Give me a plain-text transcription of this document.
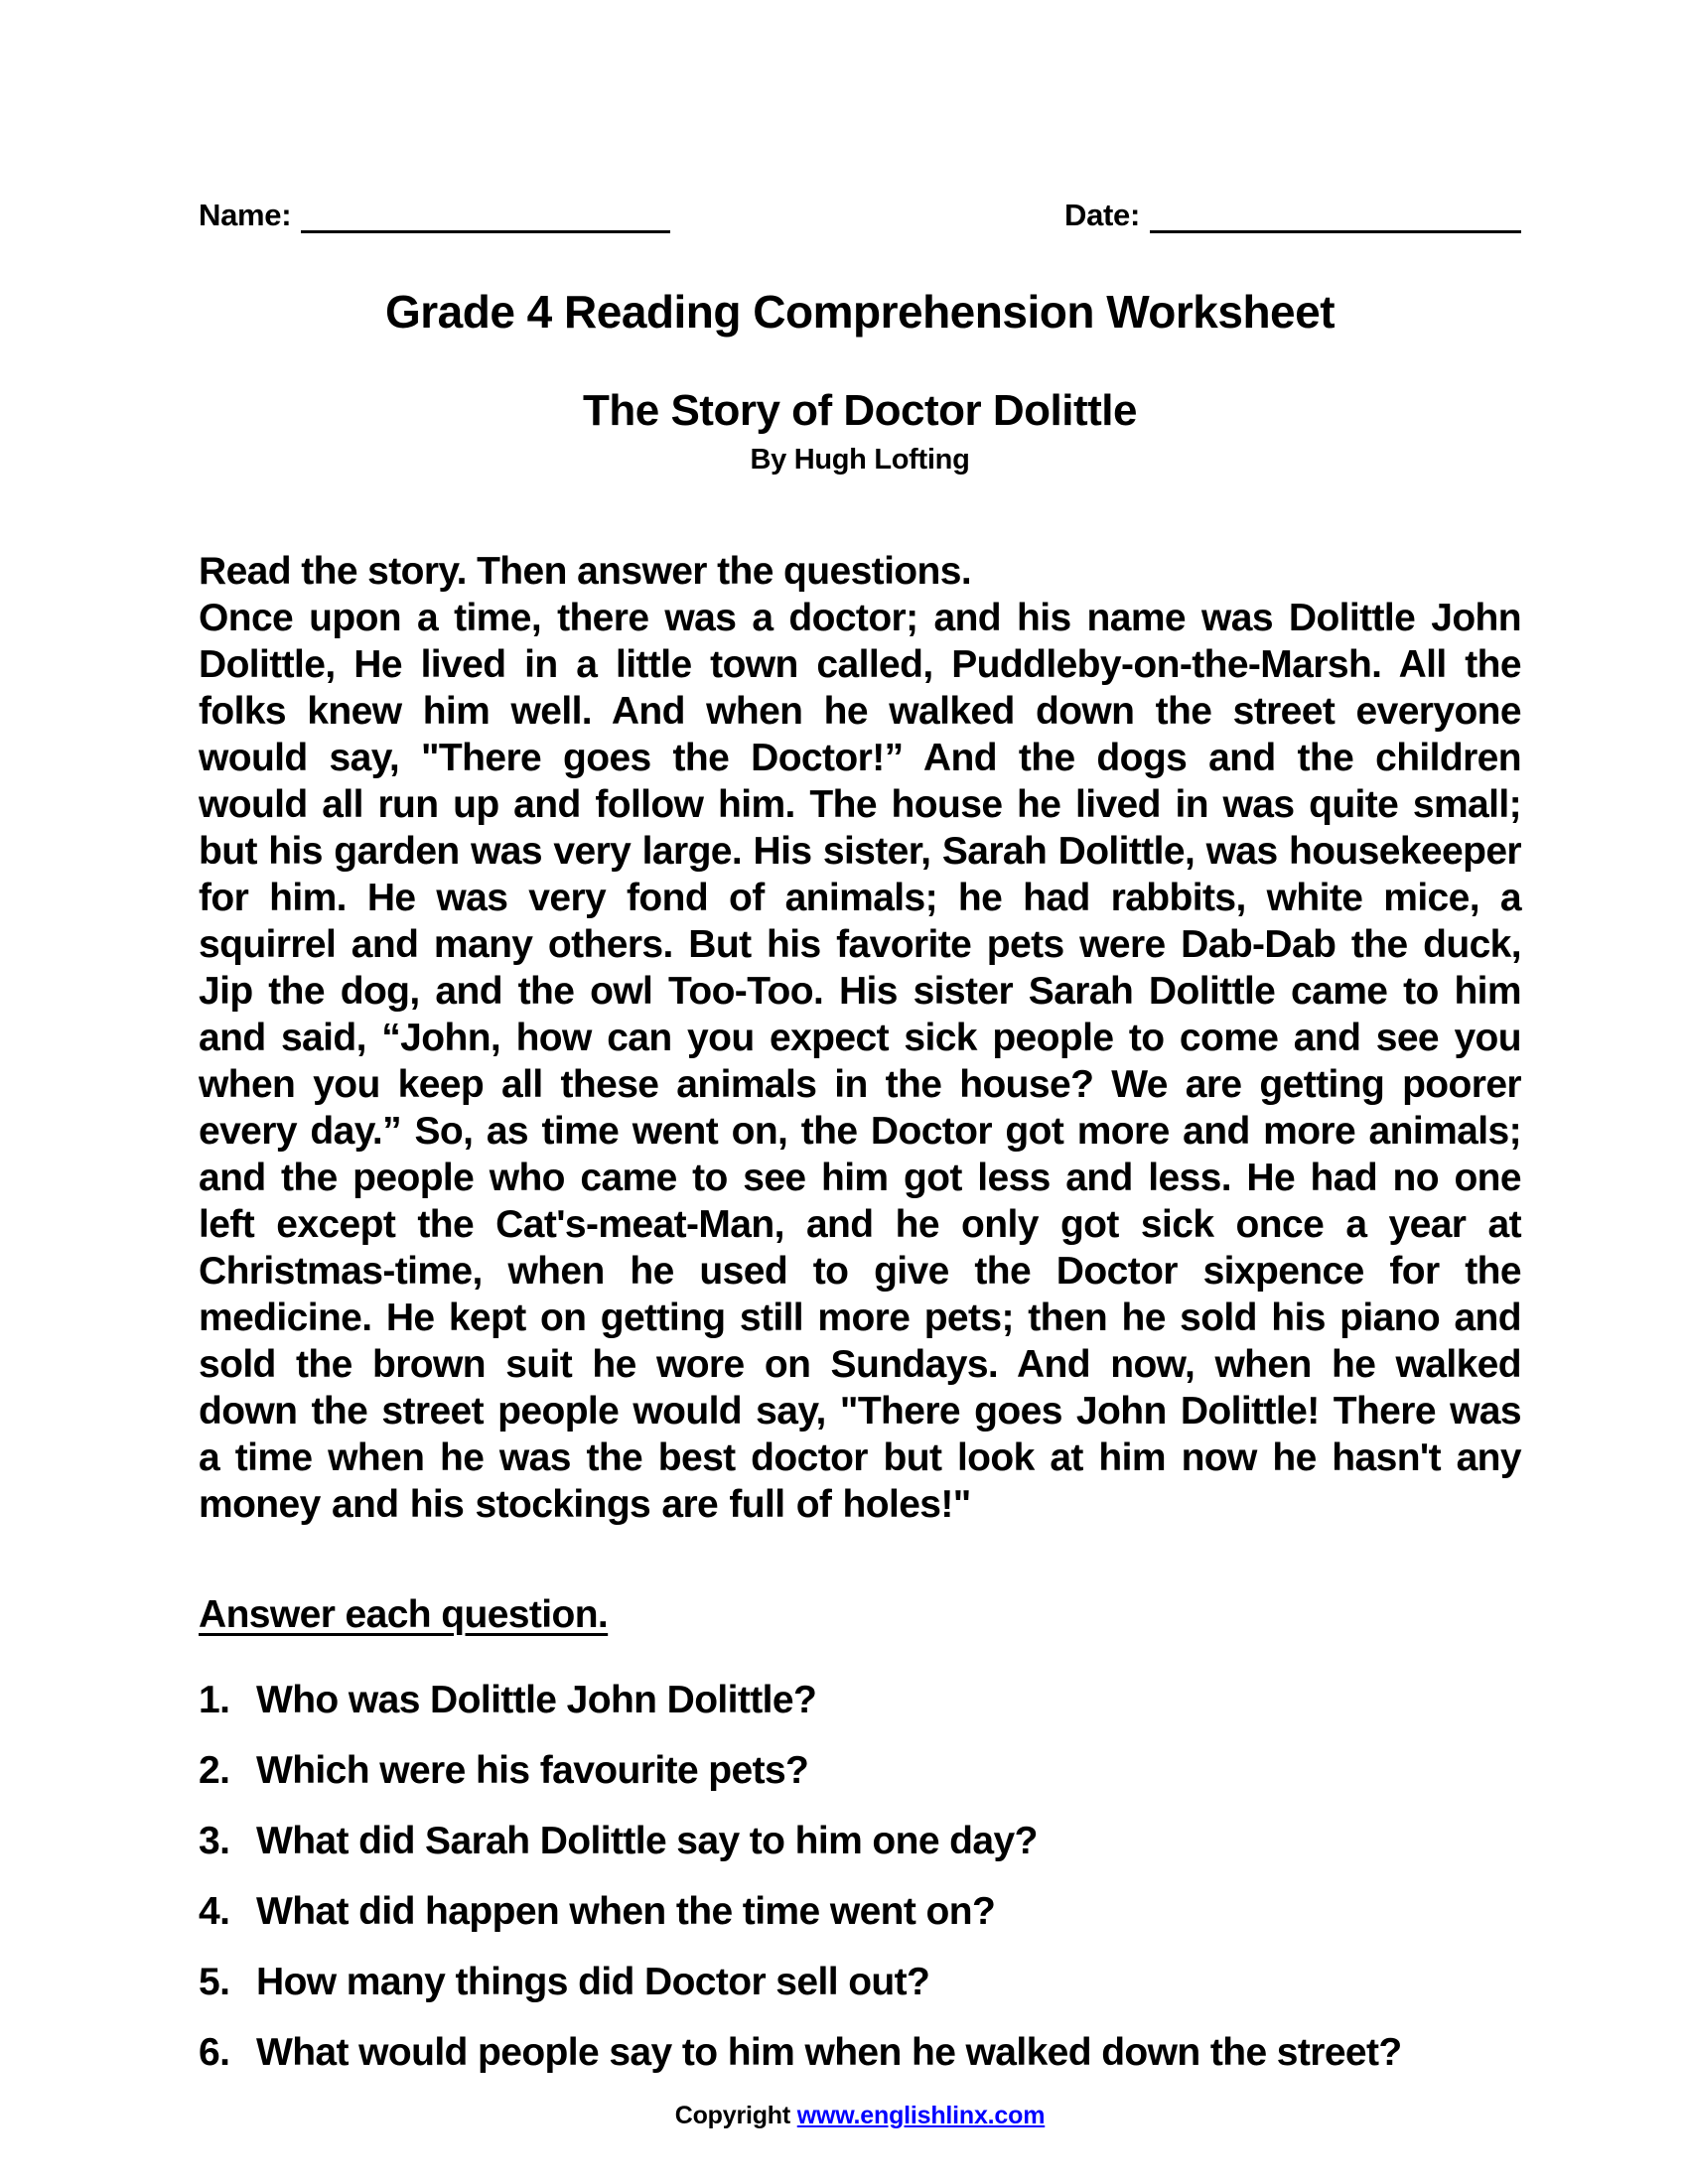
Name:	Date:
Grade 4 Reading Comprehension Worksheet
The Story of Doctor Dolittle
By Hugh Lofting
Read the story. Then answer the questions.
Once upon a time, there was a doctor; and his name was Dolittle John Dolittle, He lived in a little town called, Puddleby-on-the-Marsh. All the folks knew him well. And when he walked down the street everyone would say, "There goes the Doctor!” And the dogs and the children would all run up and follow him. The house he lived in was quite small; but his garden was very large. His sister, Sarah Dolittle, was housekeeper for him. He was very fond of animals; he had rabbits, white mice, a squirrel and many others. But his favorite pets were Dab-Dab the duck, Jip the dog, and the owl Too-Too. His sister Sarah Dolittle came to him and said, “John, how can you expect sick people to come and see you when you keep all these animals in the house? We are getting poorer every day.” So, as time went on, the Doctor got more and more animals; and the people who came to see him got less and less. He had no one left except the Cat's-meat-Man, and he only got sick once a year at Christmas-time, when he used to give the Doctor sixpence for the medicine. He kept on getting still more pets; then he sold his piano and sold the brown suit he wore on Sundays. And now, when he walked down the street people would say, "There goes John Dolittle! There was a time when he was the best doctor but look at him now he hasn't any money and his stockings are full of holes!"
Answer each question.
1. Who was Dolittle John Dolittle?
2. Which were his favourite pets?
3. What did Sarah Dolittle say to him one day?
4. What did happen when the time went on?
5. How many things did Doctor sell out?
6. What would people say to him when he walked down the street?
Copyright www.englishlinx.com
